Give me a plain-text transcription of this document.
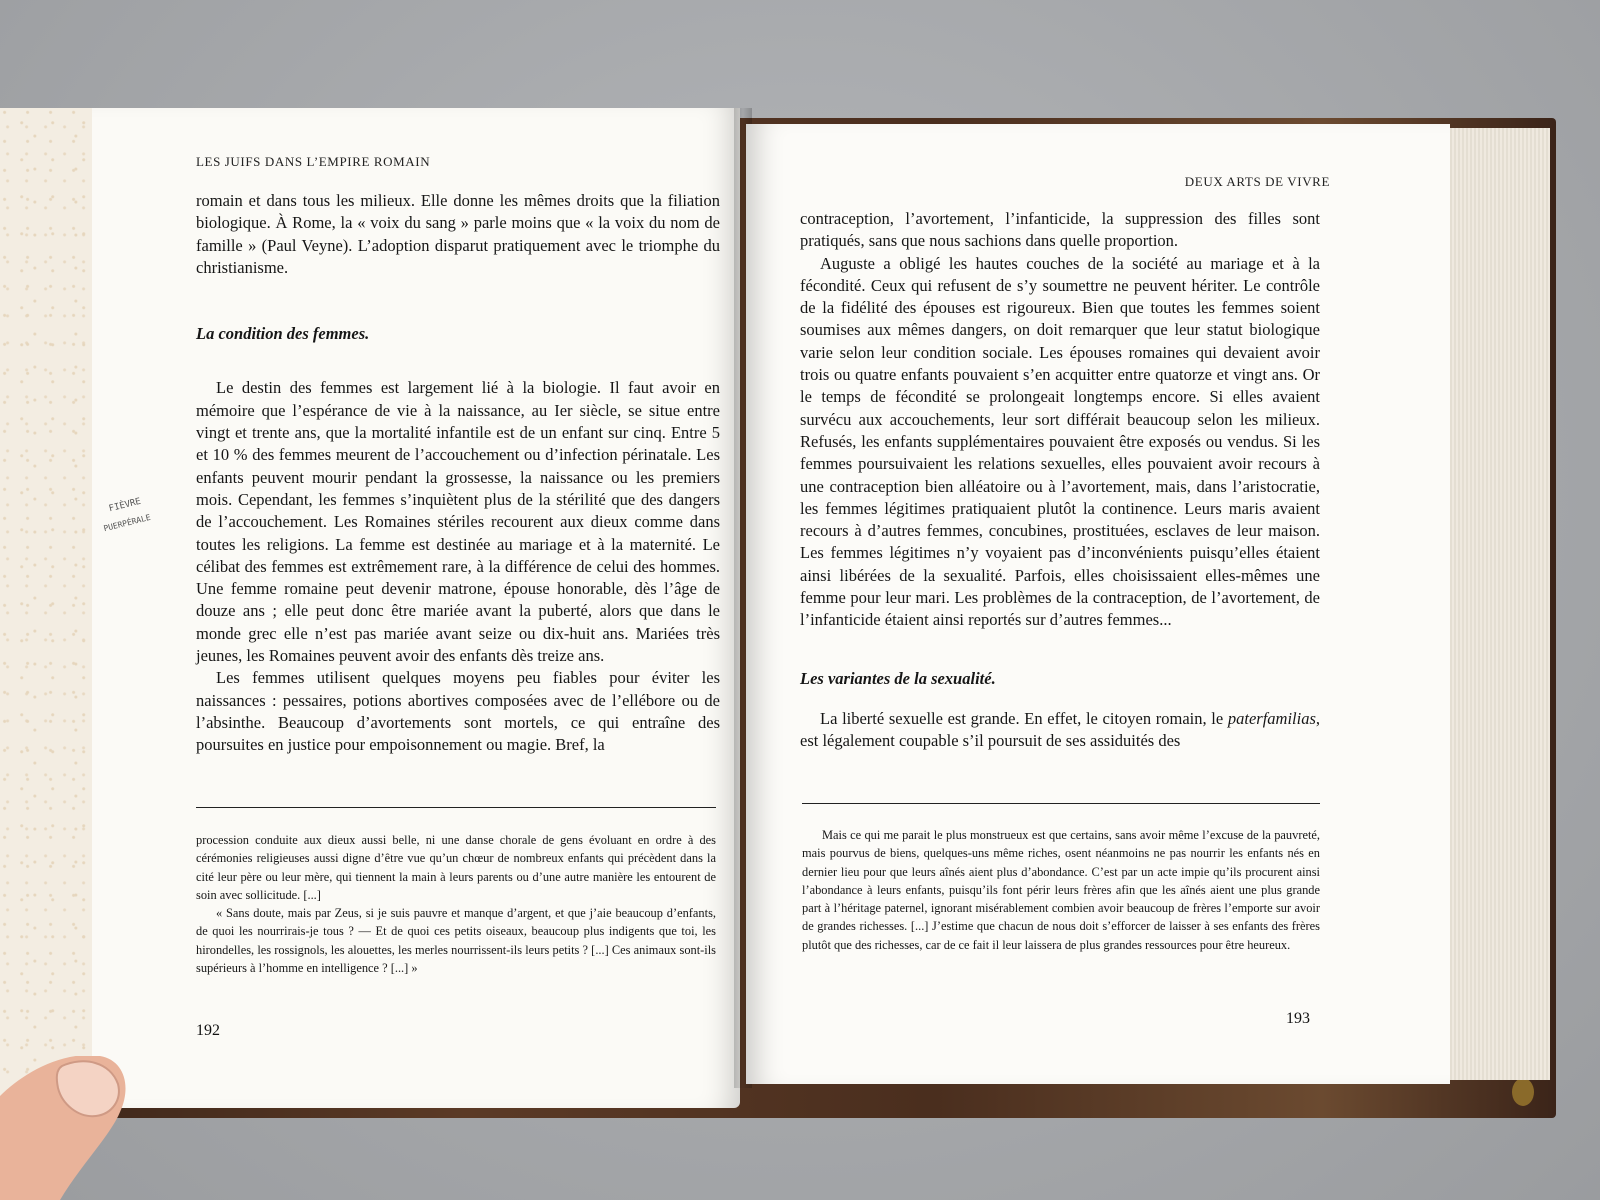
LES JUIFS DANS L’EMPIRE ROMAIN

romain et dans tous les milieux. Elle donne les mêmes droits que la filiation biologique. À Rome, la « voix du sang » parle moins que « la voix du nom de famille » (Paul Veyne). L’adoption disparut pratiquement avec le triomphe du christianisme.

La condition des femmes.

Le destin des femmes est largement lié à la biologie. Il faut avoir en mémoire que l’espérance de vie à la naissance, au Ier siècle, se situe entre vingt et trente ans, que la mortalité infantile est de un enfant sur cinq. Entre 5 et 10 % des femmes meurent de l’accouchement ou d’infection périnatale. Les enfants peuvent mourir pendant la grossesse, la naissance ou les premiers mois. Cependant, les femmes s’inquiètent plus de la stérilité que des dangers de l’accouchement. Les Romaines stériles recourent aux dieux comme dans toutes les religions. La femme est destinée au mariage et à la maternité. Le célibat des femmes est extrêmement rare, à la différence de celui des hommes. Une femme romaine peut devenir matrone, épouse honorable, dès l’âge de douze ans ; elle peut donc être mariée avant la puberté, alors que dans le monde grec elle n’est pas mariée avant seize ou dix-huit ans. Mariées très jeunes, les Romaines peuvent avoir des enfants dès treize ans.

Les femmes utilisent quelques moyens peu fiables pour éviter les naissances : pessaires, potions abortives composées avec de l’ellébore ou de l’absinthe. Beaucoup d’avortements sont mortels, ce qui entraîne des poursuites en justice pour empoisonnement ou magie. Bref, la

procession conduite aux dieux aussi belle, ni une danse chorale de gens évoluant en ordre à des cérémonies religieuses aussi digne d’être vue qu’un chœur de nombreux enfants qui précèdent dans la cité leur père ou leur mère, qui tiennent la main à leurs parents ou d’une autre manière les entourent de soin avec sollicitude. [...]

« Sans doute, mais par Zeus, si je suis pauvre et manque d’argent, et que j’aie beaucoup d’enfants, de quoi les nourrirais-je tous ? — Et de quoi ces petits oiseaux, beaucoup plus indigents que toi, les hirondelles, les rossignols, les alouettes, les merles nourrissent-ils leurs petits ? [...] Ces animaux sont-ils supérieurs à l’homme en intelligence ? [...] »

192
FIÈVRE
PUERPÉRALE
DEUX ARTS DE VIVRE

contraception, l’avortement, l’infanticide, la suppression des filles sont pratiqués, sans que nous sachions dans quelle proportion.

Auguste a obligé les hautes couches de la société au mariage et à la fécondité. Ceux qui refusent de s’y soumettre ne peuvent hériter. Le contrôle de la fidélité des épouses est rigoureux. Bien que toutes les femmes soient soumises aux mêmes dangers, on doit remarquer que leur statut biologique varie selon leur condition sociale. Les épouses romaines qui devaient avoir trois ou quatre enfants pouvaient s’en acquitter entre quatorze et vingt ans. Or le temps de fécondité se prolongeait longtemps encore. Si elles avaient survécu aux accouchements, leur sort différait beaucoup selon les milieux. Refusés, les enfants supplémentaires pouvaient être exposés ou vendus. Si les femmes poursuivaient les relations sexuelles, elles pouvaient avoir recours à une contraception bien alléatoire ou à l’avortement, mais, dans l’aristocratie, les femmes légitimes pratiquaient plutôt la continence. Leurs maris avaient recours à d’autres femmes, concubines, prostituées, esclaves de leur maison. Les femmes légitimes n’y voyaient pas d’inconvénients puisqu’elles étaient ainsi libérées de la sexualité. Parfois, elles choisissaient elles-mêmes une femme pour leur mari. Les problèmes de la contraception, de l’avortement, de l’infanticide étaient ainsi reportés sur d’autres femmes...

Les variantes de la sexualité.

La liberté sexuelle est grande. En effet, le citoyen romain, le paterfamilias, est légalement coupable s’il poursuit de ses assiduités des

Mais ce qui me parait le plus monstrueux est que certains, sans avoir même l’excuse de la pauvreté, mais pourvus de biens, quelques-uns même riches, osent néanmoins ne pas nourrir les enfants nés en dernier lieu pour que leurs aînés aient plus d’abondance. C’est par un acte impie qu’ils procurent ainsi l’abondance à leurs enfants, puisqu’ils font périr leurs frères afin que les aînés aient une plus grande part à l’héritage paternel, ignorant misérablement combien avoir beaucoup de frères l’emporte sur avoir de grandes richesses. [...] J’estime que chacun de nous doit s’efforcer de laisser à ses enfants des frères plutôt que des richesses, car de ce fait il leur laissera de plus grandes ressources pour être heureux.

193
